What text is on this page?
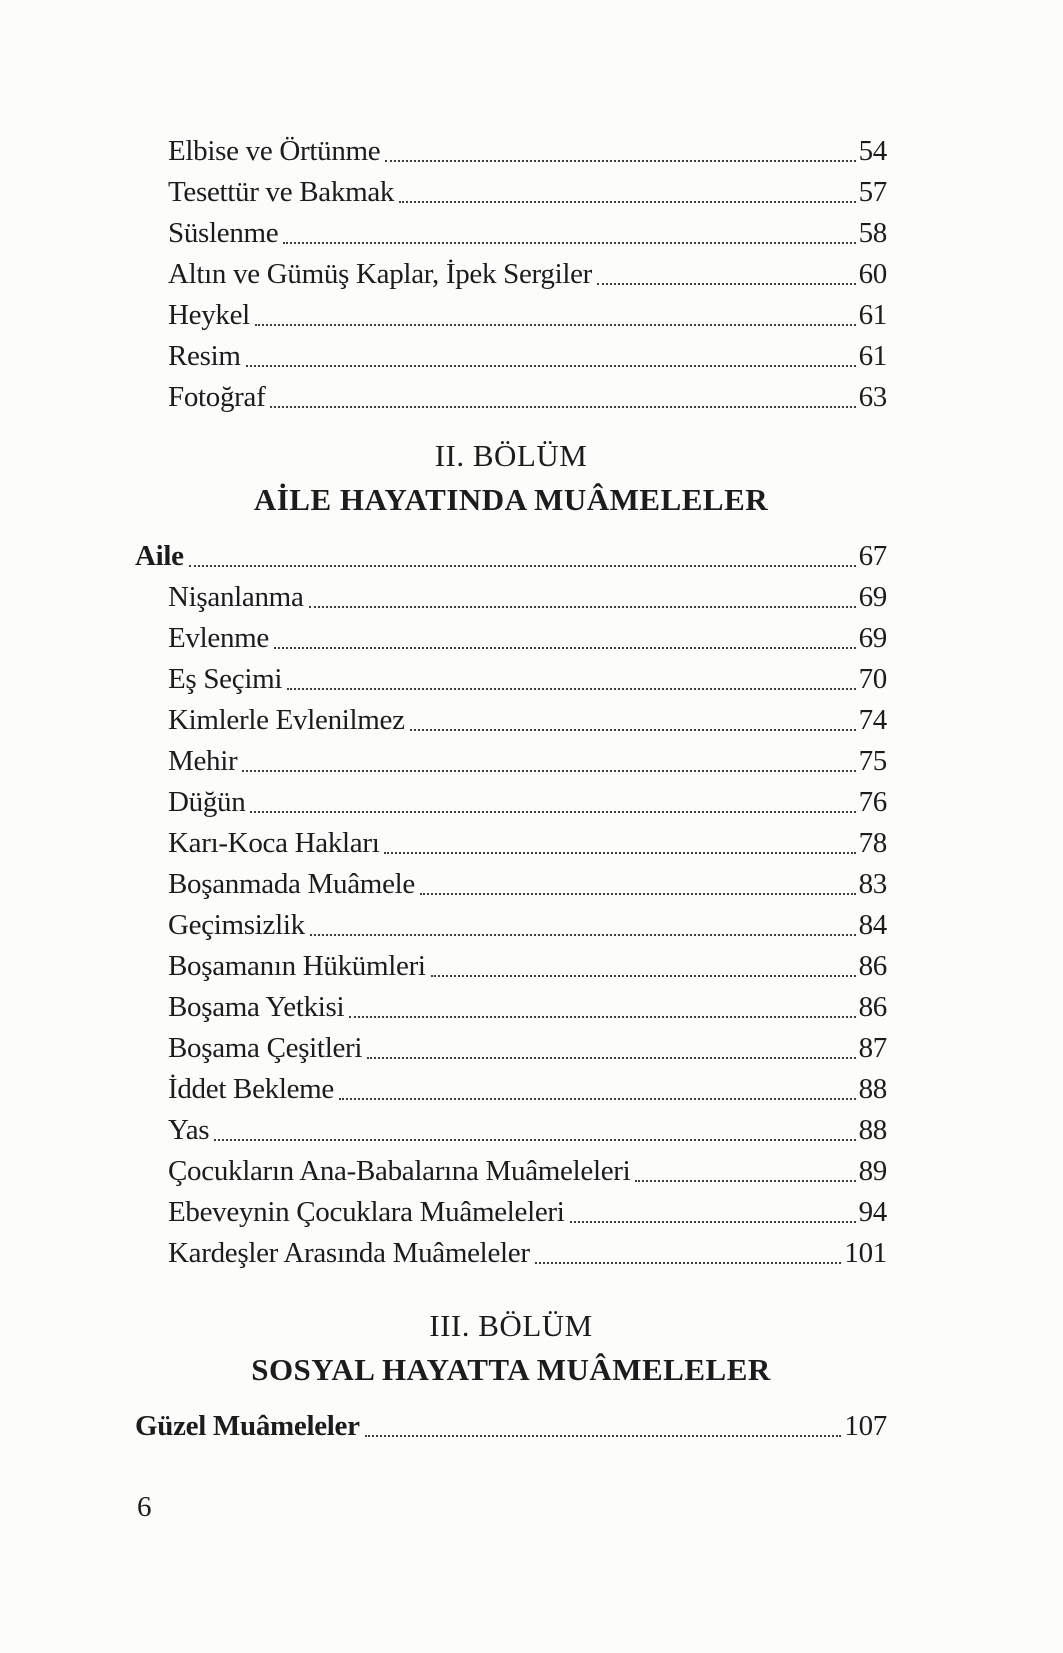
Elbise ve Örtünme	54
Tesettür ve Bakmak	57
Süslenme	58
Altın ve Gümüş Kaplar, İpek Sergiler	60
Heykel	61
Resim	61
Fotoğraf	63
II. BÖLÜM
AİLE HAYATINDA MUÂMELELER
Aile	67
Nişanlanma	69
Evlenme	69
Eş Seçimi	70
Kimlerle Evlenilmez	74
Mehir	75
Düğün	76
Karı-Koca Hakları	78
Boşanmada Muâmele	83
Geçimsizlik	84
Boşamanın Hükümleri	86
Boşama Yetkisi	86
Boşama Çeşitleri	87
İddet Bekleme	88
Yas	88
Çocukların Ana-Babalarına Muâmeleleri	89
Ebeveynin Çocuklara Muâmeleleri	94
Kardeşler Arasında Muâmeleler	101
III. BÖLÜM
SOSYAL HAYATTA MUÂMELELER
Güzel Muâmeleler	107
6
